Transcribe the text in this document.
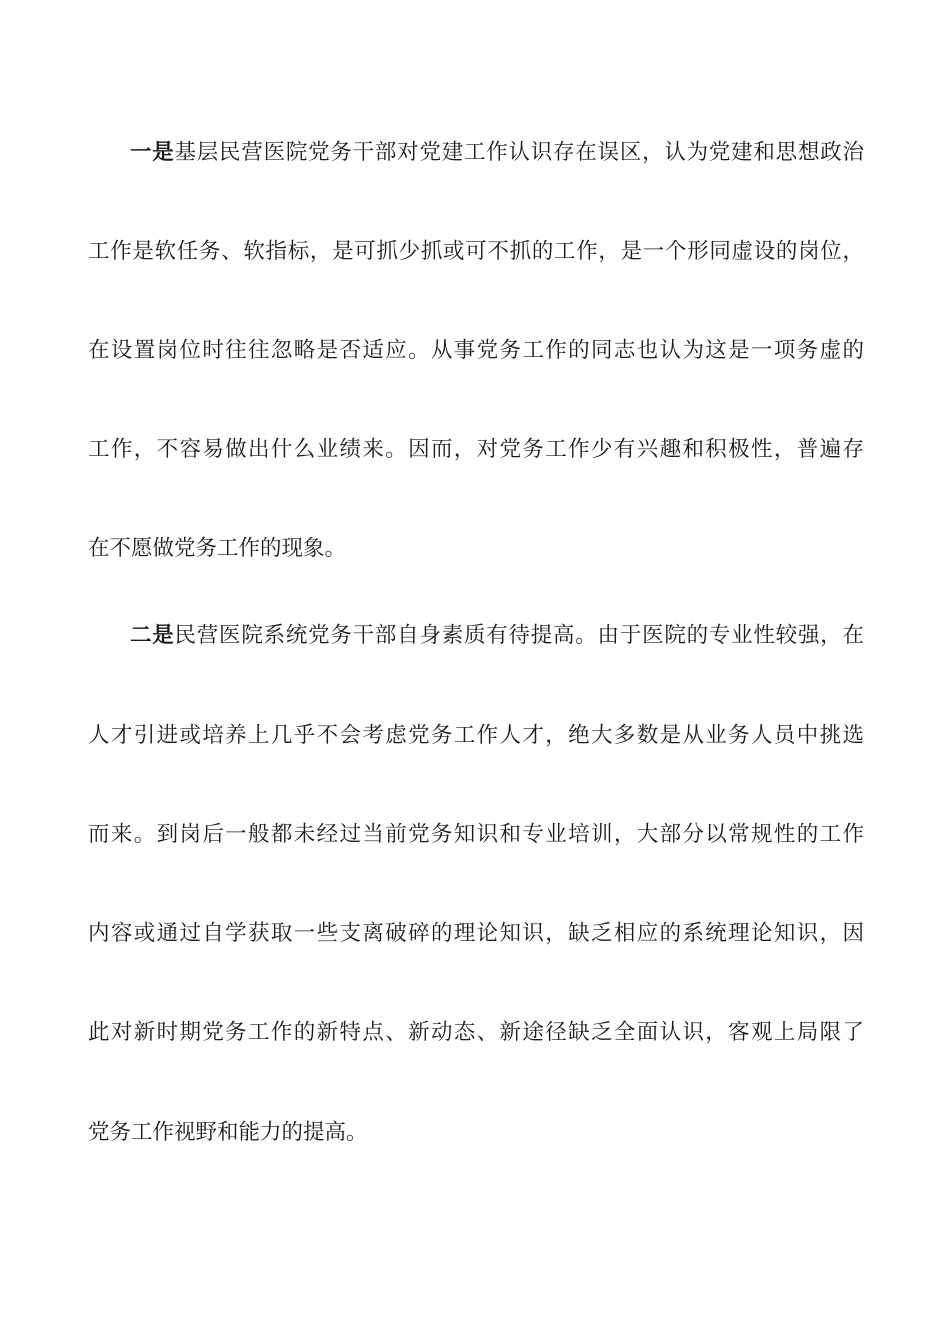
一是基层民营医院党务干部对党建工作认识存在误区，认为党建和思想政治
工作是软任务、软指标，是可抓少抓或可不抓的工作，是一个形同虚设的岗位，
在设置岗位时往往忽略是否适应。从事党务工作的同志也认为这是一项务虚的
工作，不容易做出什么业绩来。因而，对党务工作少有兴趣和积极性，普遍存
在不愿做党务工作的现象。
二是民营医院系统党务干部自身素质有待提高。由于医院的专业性较强，在
人才引进或培养上几乎不会考虑党务工作人才，绝大多数是从业务人员中挑选
而来。到岗后一般都未经过当前党务知识和专业培训，大部分以常规性的工作
内容或通过自学获取一些支离破碎的理论知识，缺乏相应的系统理论知识，因
此对新时期党务工作的新特点、新动态、新途径缺乏全面认识，客观上局限了
党务工作视野和能力的提高。
